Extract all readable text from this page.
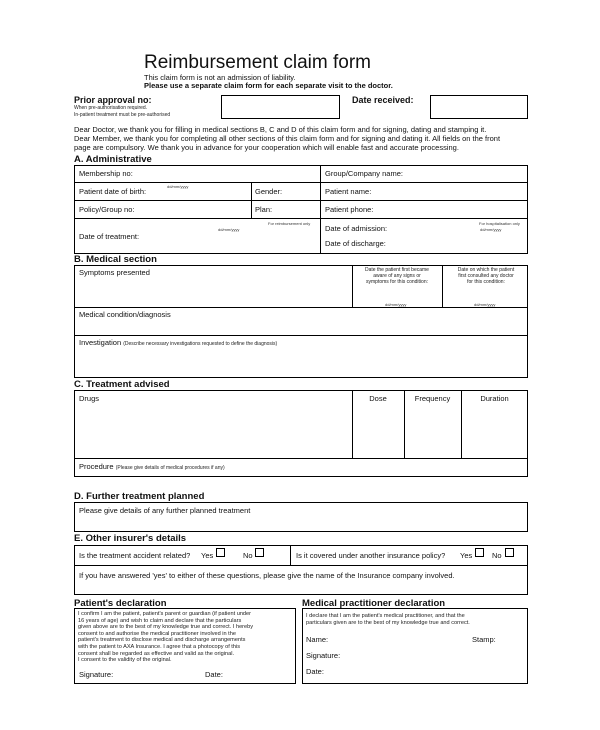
Reimbursement claim form
This claim form is not an admission of liability.
Please use a separate claim form for each separate visit to the doctor.
Prior approval no:
When pre-authorisation required.
In-patient treatment must be pre-authorised
Date received:
Dear Doctor, we thank you for filling in medical sections B, C and D of this claim form and for signing, dating and stamping it.
Dear Member, we thank you for completing all other sections of this claim form and for signing and dating it. All fields on the front
page are compulsory. We thank you in advance for your cooperation which will enable fast and accurate processing.
A. Administrative
Membership no:	Group/Company name:
dd/mm/yyyy
Patient date of birth:	Gender:	Patient name:
Policy/Group no:	Plan:	Patient phone:
For reimbursement only
dd/mm/yyyy
Date of treatment:
Date of admission:
For hospitalisation only
dd/mm/yyyy
Date of discharge:
B. Medical section
Symptoms presented	Date the patient first became
aware of any signs or
symptoms for this condition:
dd/mm/yyyy
Date on which the patient
first consulted any doctor
for this condition:
dd/mm/yyyy
Medical condition/diagnosis
Investigation (Describe necessary investigations requested to define the diagnosis)
C. Treatment advised
Drugs	Dose	Frequency	Duration
Procedure (Please give details of medical procedures if any)
D. Further treatment planned
Please give details of any further planned treatment
E. Other insurer's details
Is the treatment accident related? Yes	No	Is it covered under another insurance policy? Yes	No
If you have answered 'yes' to either of these questions, please give the name of the Insurance company involved.
Patient's declaration
I confirm I am the patient, patient's parent or guardian (if patient under
16 years of age) and wish to claim and declare that the particulars
given above are to the best of my knowledge true and correct. I hereby
consent to and authorise the medical practitioner involved in the
patient's treatment to disclose medical and discharge arrangements
with the patient to AXA Insurance. I agree that a photocopy of this
consent shall be regarded as effective and valid as the original.
I consent to the validity of the original.
Signature:	Date:
Medical practitioner declaration
I declare that I am the patient's medical practitioner, and that the
particulars given are to the best of my knowledge true and correct.
Name:	Stamp:
Signature:
Date:
